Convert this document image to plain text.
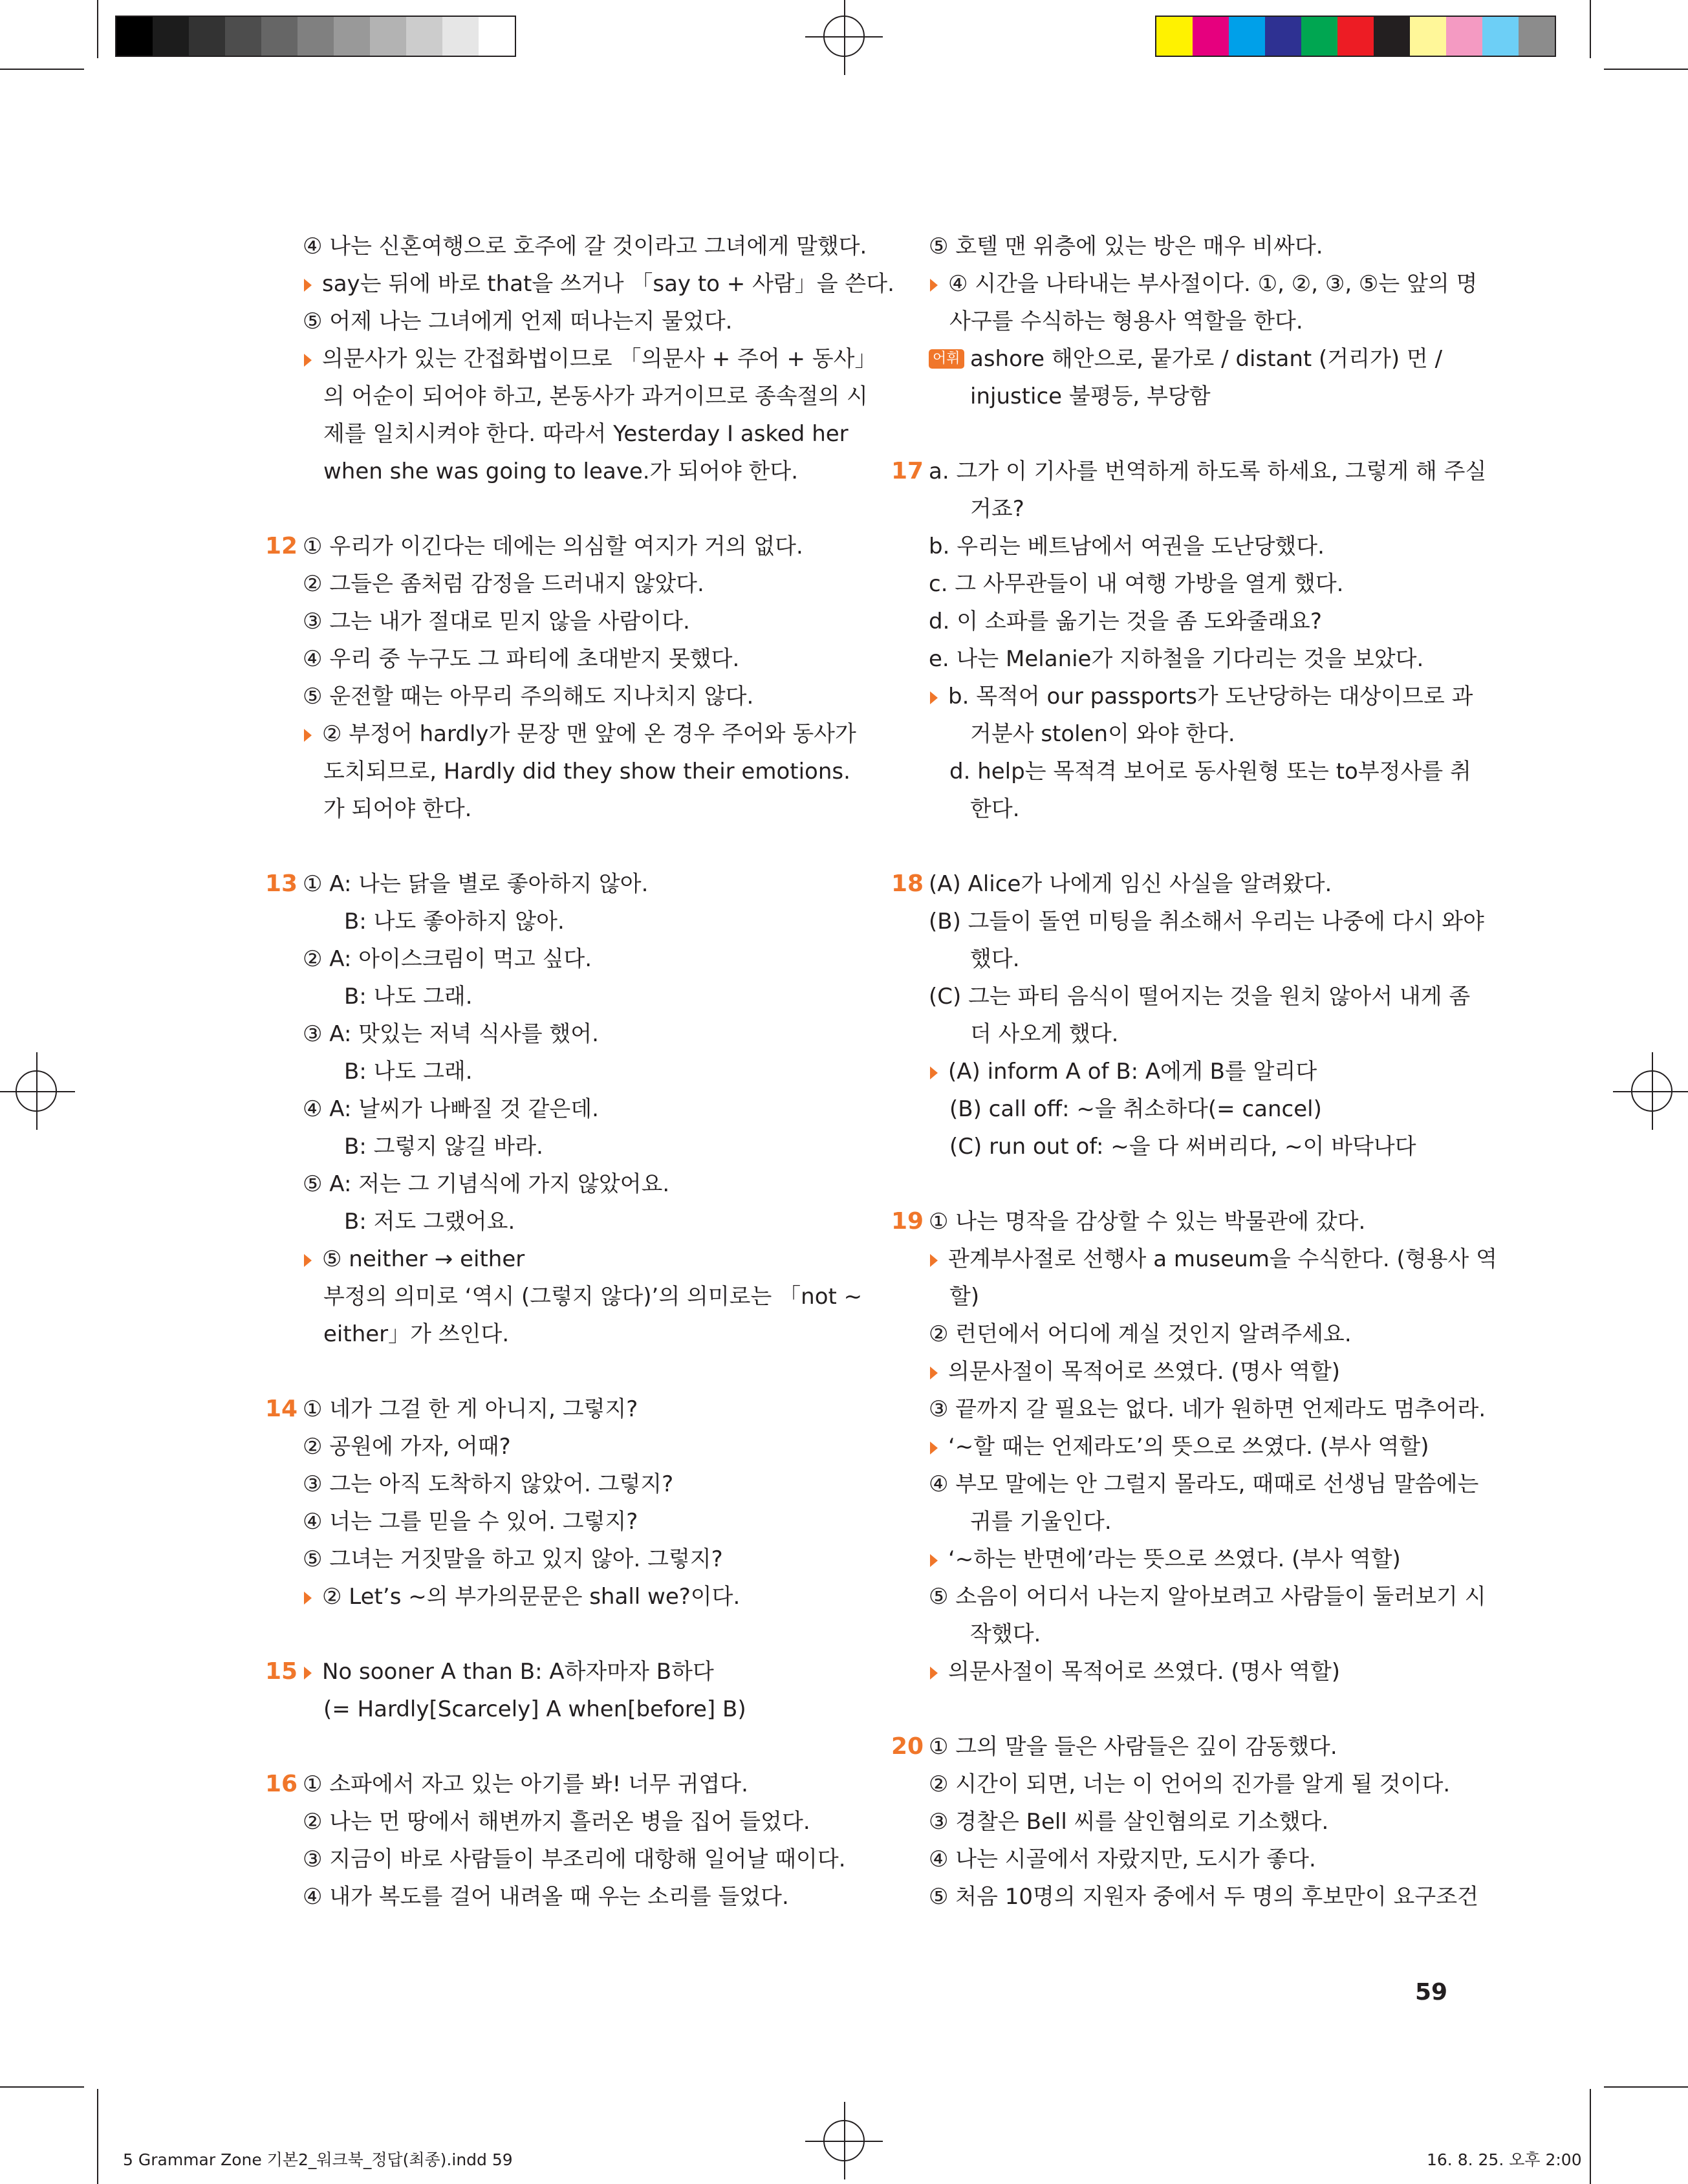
④ 나는 신혼여행으로 호주에 갈 것이라고 그녀에게 말했다.
say는 뒤에 바로 that을 쓰거나 「say to + 사람」을 쓴다.
⑤ 어제 나는 그녀에게 언제 떠나는지 물었다.
의문사가 있는 간접화법이므로 「의문사 + 주어 + 동사」
의 어순이 되어야 하고, 본동사가 과거이므로 종속절의 시
제를 일치시켜야 한다. 따라서 Yesterday I asked her
when she was going to leave.가 되어야 한다.
12 ① 우리가 이긴다는 데에는 의심할 여지가 거의 없다.
② 그들은 좀처럼 감정을 드러내지 않았다.
③ 그는 내가 절대로 믿지 않을 사람이다.
④ 우리 중 누구도 그 파티에 초대받지 못했다.
⑤ 운전할 때는 아무리 주의해도 지나치지 않다.
② 부정어 hardly가 문장 맨 앞에 온 경우 주어와 동사가
도치되므로, Hardly did they show their emotions.
가 되어야 한다.
13 ① A: 나는 닭을 별로 좋아하지 않아.
B: 나도 좋아하지 않아.
② A: 아이스크림이 먹고 싶다.
B: 나도 그래.
③ A: 맛있는 저녁 식사를 했어.
B: 나도 그래.
④ A: 날씨가 나빠질 것 같은데.
B: 그렇지 않길 바라.
⑤ A: 저는 그 기념식에 가지 않았어요.
B: 저도 그랬어요.
⑤ neither → either
부정의 의미로 ‘역시 (그렇지 않다)’의 의미로는 「not ~
either」가 쓰인다.
14 ① 네가 그걸 한 게 아니지, 그렇지?
② 공원에 가자, 어때?
③ 그는 아직 도착하지 않았어. 그렇지?
④ 너는 그를 믿을 수 있어. 그렇지?
⑤ 그녀는 거짓말을 하고 있지 않아. 그렇지?
② Let’s ~의 부가의문문은 shall we?이다.
15 No sooner A than B: A하자마자 B하다
(= Hardly[Scarcely] A when[before] B)
16 ① 소파에서 자고 있는 아기를 봐! 너무 귀엽다.
② 나는 먼 땅에서 해변까지 흘러온 병을 집어 들었다.
③ 지금이 바로 사람들이 부조리에 대항해 일어날 때이다.
④ 내가 복도를 걸어 내려올 때 우는 소리를 들었다.
⑤ 호텔 맨 위층에 있는 방은 매우 비싸다.
④ 시간을 나타내는 부사절이다. ①, ②, ③, ⑤는 앞의 명
사구를 수식하는 형용사 역할을 한다.
어휘 ashore 해안으로, 뭍가로 / distant (거리가) 먼 /
injustice 불평등, 부당함
17 a. 그가 이 기사를 번역하게 하도록 하세요, 그렇게 해 주실
거죠?
b. 우리는 베트남에서 여권을 도난당했다.
c. 그 사무관들이 내 여행 가방을 열게 했다.
d. 이 소파를 옮기는 것을 좀 도와줄래요?
e. 나는 Melanie가 지하철을 기다리는 것을 보았다.
b. 목적어 our passports가 도난당하는 대상이므로 과
거분사 stolen이 와야 한다.
d. help는 목적격 보어로 동사원형 또는 to부정사를 취
한다.
18 (A) Alice가 나에게 임신 사실을 알려왔다.
(B) 그들이 돌연 미팅을 취소해서 우리는 나중에 다시 와야
했다.
(C) 그는 파티 음식이 떨어지는 것을 원치 않아서 내게 좀
더 사오게 했다.
(A) inform A of B: A에게 B를 알리다
(B) call off: ~을 취소하다(= cancel)
(C) run out of: ~을 다 써버리다, ~이 바닥나다
19 ① 나는 명작을 감상할 수 있는 박물관에 갔다.
관계부사절로 선행사 a museum을 수식한다. (형용사 역
할)
② 런던에서 어디에 계실 것인지 알려주세요.
의문사절이 목적어로 쓰였다. (명사 역할)
③ 끝까지 갈 필요는 없다. 네가 원하면 언제라도 멈추어라.
‘~할 때는 언제라도’의 뜻으로 쓰였다. (부사 역할)
④ 부모 말에는 안 그럴지 몰라도, 때때로 선생님 말씀에는
귀를 기울인다.
‘~하는 반면에’라는 뜻으로 쓰였다. (부사 역할)
⑤ 소음이 어디서 나는지 알아보려고 사람들이 둘러보기 시
작했다.
의문사절이 목적어로 쓰였다. (명사 역할)
20 ① 그의 말을 들은 사람들은 깊이 감동했다.
② 시간이 되면, 너는 이 언어의 진가를 알게 될 것이다.
③ 경찰은 Bell 씨를 살인혐의로 기소했다.
④ 나는 시골에서 자랐지만, 도시가 좋다.
⑤ 처음 10명의 지원자 중에서 두 명의 후보만이 요구조건
59
5 Grammar Zone 기본2_워크북_정답(최종).indd 59	16. 8. 25. 오후 2:00
